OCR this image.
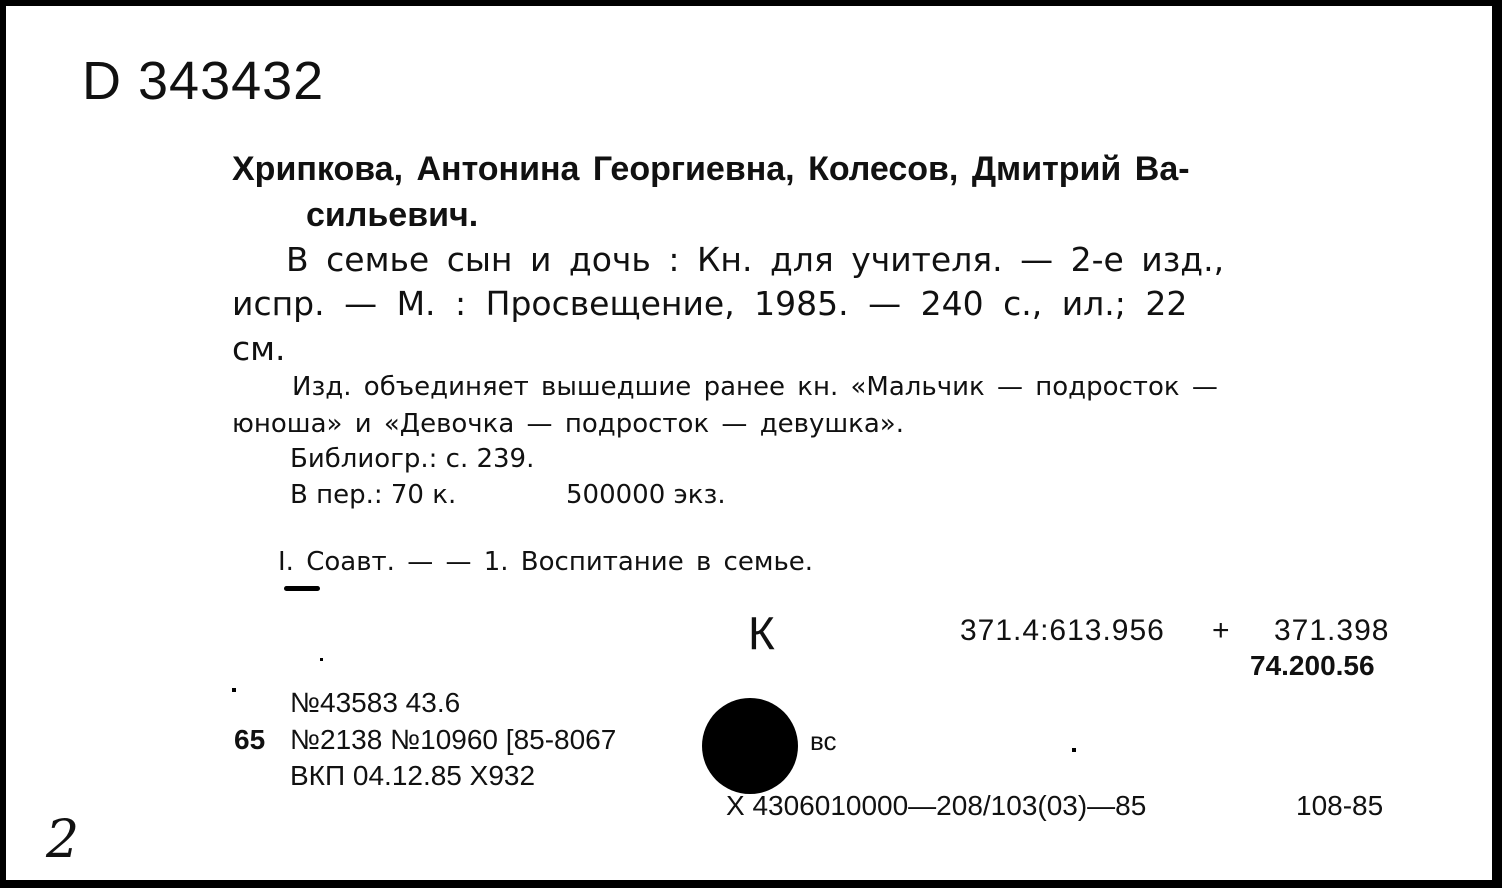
D 343432
Хрипкова, Антонина Георгиевна, Колесов, Дмитрий Ва-
сильевич.
В семье сын и дочь : Кн. для учителя. — 2-е изд.,
испр. — М. : Просвещение, 1985. — 240 с., ил.; 22
см.
Изд. объединяет вышедшие ранее кн. «Мальчик — подросток —
юноша» и «Девочка — подросток — девушка».
Библиогр.: с. 239.
В пер.: 70 к.	500000 экз.
I. Соавт. — — 1. Воспитание в семье.
К	371.4:613.956 + 371.398
74.200.56
№43583 43.6
65 №2138 №10960 [85-8067	вс
ВКП 04.12.85 Х932
Х 4306010000—208/103(03)—85	108-85
2
